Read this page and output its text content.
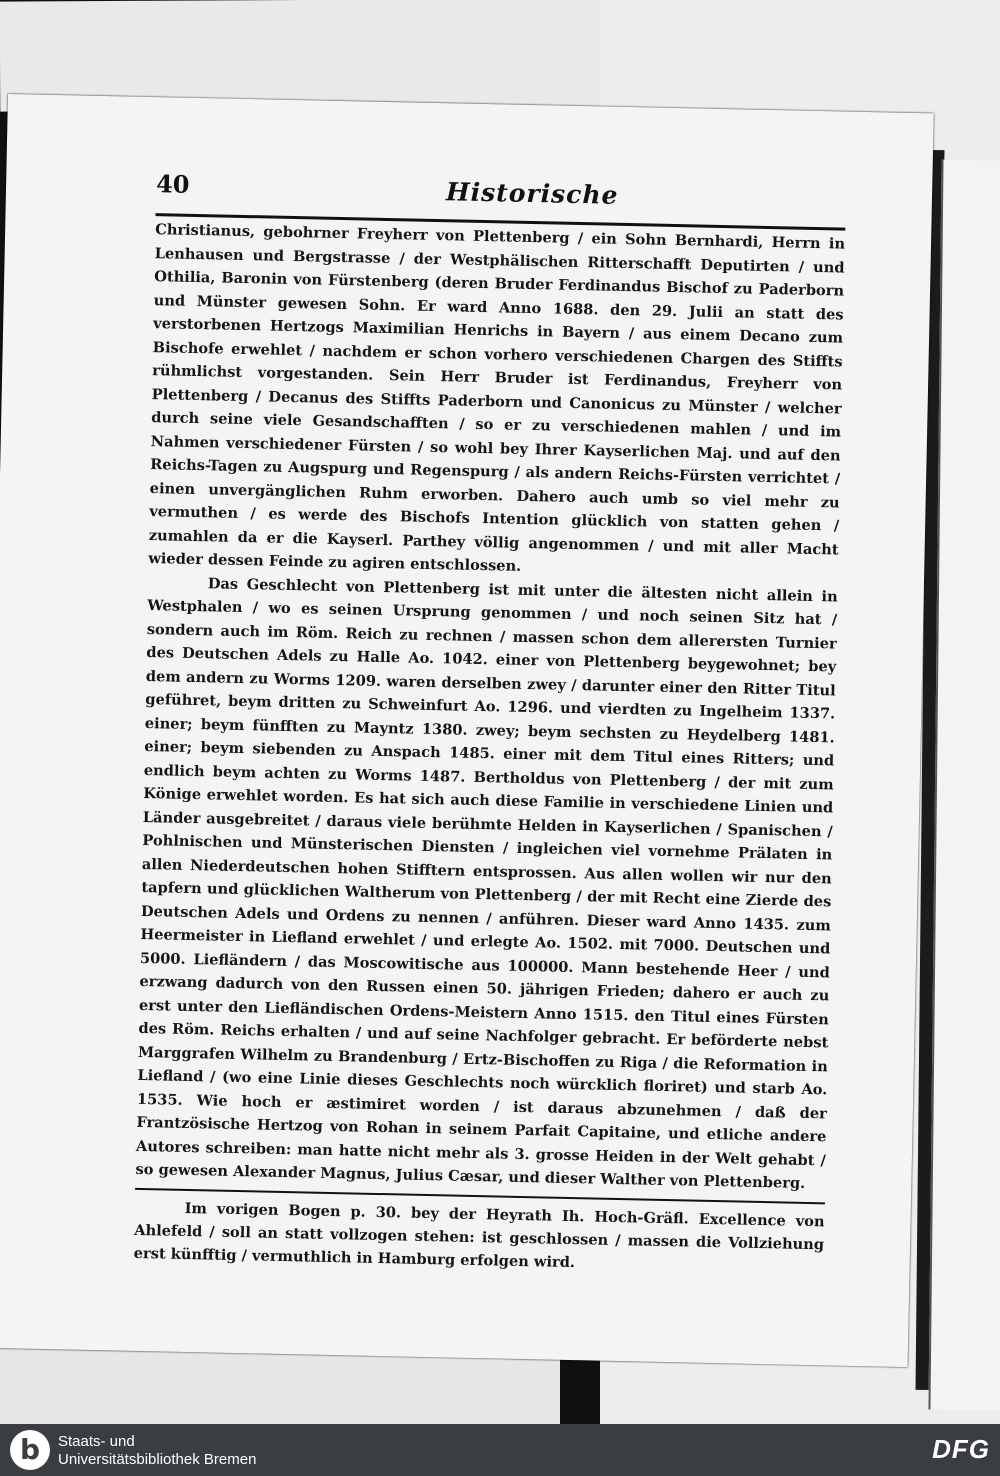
40	Historische

Christianus, gebohrner Freyherr von Plettenberg / ein Sohn Bernhardi, Herrn in Lenhausen und Bergstrasse / der Westphälischen Ritterschafft Deputirten / und Othilia, Baronin von Fürstenberg (deren Bruder Ferdinandus Bischof zu Paderborn und Münster gewesen Sohn. Er ward Anno 1688. den 29. Julii an statt des verstorbenen Hertzogs Maximilian Henrichs in Bayern / aus einem Decano zum Bischofe erwehlet / nachdem er schon vorhero verschiedenen Chargen des Stiffts rühmlichst vorgestanden. Sein Herr Bruder ist Ferdinandus, Freyherr von Plettenberg / Decanus des Stiffts Paderborn und Canonicus zu Münster / welcher durch seine viele Gesandschafften / so er zu verschiedenen mahlen / und im Nahmen verschiedener Fürsten / so wohl bey Ihrer Kayserlichen Maj. und auf den Reichs-Tagen zu Augspurg und Regenspurg / als andern Reichs-Fürsten verrichtet / einen unvergänglichen Ruhm erworben. Dahero auch umb so viel mehr zu vermuthen / es werde des Bischofs Intention glücklich von statten gehen / zumahlen da er die Kayserl. Parthey völlig angenommen / und mit aller Macht wieder dessen Feinde zu agiren entschlossen.

Das Geschlecht von Plettenberg ist mit unter die ältesten nicht allein in Westphalen / wo es seinen Ursprung genommen / und noch seinen Sitz hat / sondern auch im Röm. Reich zu rechnen / massen schon dem allerersten Turnier des Deutschen Adels zu Halle Ao. 1042. einer von Plettenberg beygewohnet; bey dem andern zu Worms 1209. waren derselben zwey / darunter einer den Ritter Titul geführet, beym dritten zu Schweinfurt Ao. 1296. und vierdten zu Ingelheim 1337. einer; beym fünfften zu Mayntz 1380. zwey; beym sechsten zu Heydelberg 1481. einer; beym siebenden zu Anspach 1485. einer mit dem Titul eines Ritters; und endlich beym achten zu Worms 1487. Bertholdus von Plettenberg / der mit zum Könige erwehlet worden. Es hat sich auch diese Familie in verschiedene Linien und Länder ausgebreitet / daraus viele berühmte Helden in Kayserlichen / Spanischen / Pohlnischen und Münsterischen Diensten / ingleichen viel vornehme Prälaten in allen Niederdeutschen hohen Stifftern entsprossen. Aus allen wollen wir nur den tapfern und glücklichen Waltherum von Plettenberg / der mit Recht eine Zierde des Deutschen Adels und Ordens zu nennen / anführen. Dieser ward Anno 1435. zum Heermeister in Liefland erwehlet / und erlegte Ao. 1502. mit 7000. Deutschen und 5000. Liefländern / das Moscowitische aus 100000. Mann bestehende Heer / und erzwang dadurch von den Russen einen 50. jährigen Frieden; dahero er auch zu erst unter den Liefländischen Ordens-Meistern Anno 1515. den Titul eines Fürsten des Röm. Reichs erhalten / und auf seine Nachfolger gebracht. Er beförderte nebst Marggrafen Wilhelm zu Brandenburg / Ertz-Bischoffen zu Riga / die Reformation in Liefland / (wo eine Linie dieses Geschlechts noch würcklich floriret) und starb Ao. 1535. Wie hoch er æstimiret worden / ist daraus abzunehmen / daß der Frantzösische Hertzog von Rohan in seinem Parfait Capitaine, und etliche andere Autores schreiben: man hatte nicht mehr als 3. grosse Heiden in der Welt gehabt / so gewesen Alexander Magnus, Julius Cæsar, und dieser Walther von Plettenberg.

Im vorigen Bogen p. 30. bey der Heyrath Ih. Hoch-Gräfl. Excellence von Ahlefeld / soll an statt vollzogen stehen: ist geschlossen / massen die Vollziehung erst künfftig / vermuthlich in Hamburg erfolgen wird.

b	Staats- und
Universitätsbibliothek Bremen	DFG
